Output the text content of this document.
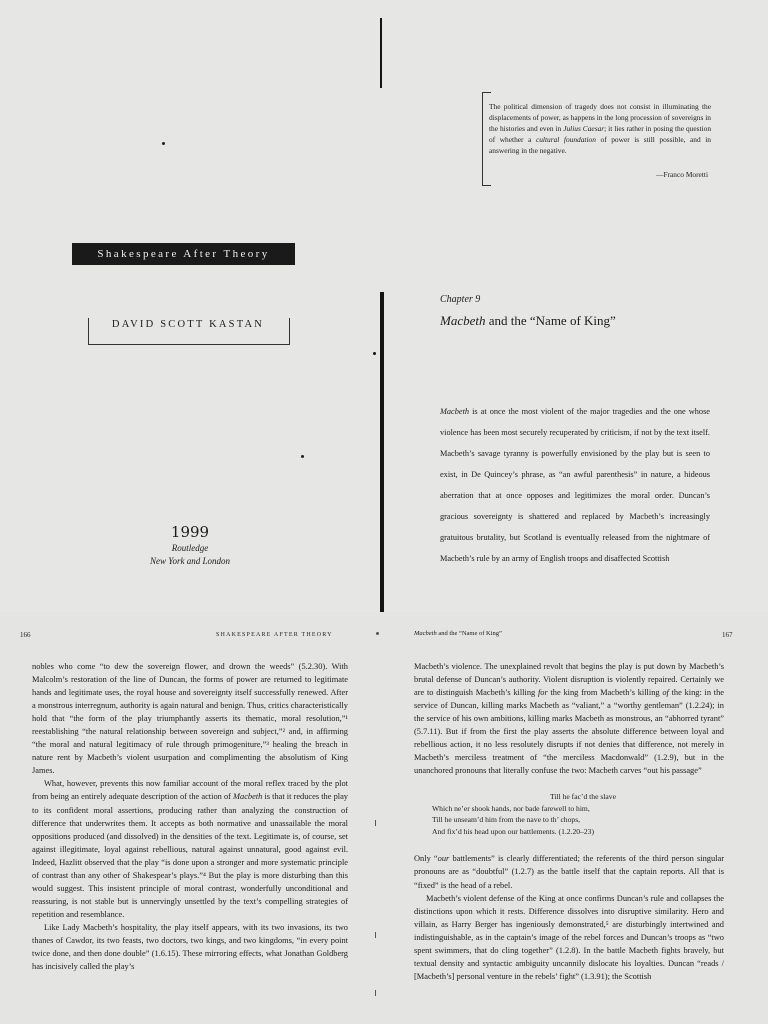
Shakespeare After Theory
DAVID SCOTT KASTAN
1999
Routledge
New York and London
The political dimension of tragedy does not consist in illuminating the displacements of power, as happens in the long procession of sovereigns in the histories and even in Julius Caesar; it lies rather in posing the question of whether a cultural foundation of power is still possible, and in answering in the negative.
—Franco Moretti
Chapter 9
Macbeth and the “Name of King”
Macbeth is at once the most violent of the major tragedies and the one whose violence has been most securely recuperated by criticism, if not by the text itself. Macbeth’s savage tyranny is powerfully envisioned by the play but is seen to exist, in De Quincey’s phrase, as “an awful parenthesis” in nature, a hideous aberration that at once opposes and legitimizes the moral order. Duncan’s gracious sovereignty is shattered and replaced by Macbeth’s increasingly gratuitous brutality, but Scotland is eventually released from the nightmare of Macbeth’s rule by an army of English troops and disaffected Scottish
166	SHAKESPEARE AFTER THEORY	Macbeth and the “Name of King”	167

nobles who come “to dew the sovereign flower, and drown the weeds” (5.2.30). With Malcolm’s restoration of the line of Duncan, the forms of power are returned to legitimate hands and legitimate uses, the royal house and sovereignty itself successfully renewed. After a monstrous interregnum, authority is again natural and benign. Thus, critics characteristically hold that “the form of the play triumphantly asserts its thematic, moral resolution,”¹ reestablishing “the natural relationship between sovereign and subject,”² and, in affirming “the moral and natural legitimacy of rule through primogeniture,”³ healing the breach in nature rent by Macbeth’s violent usurpation and complimenting the absolutism of King James.

What, however, prevents this now familiar account of the moral reflex traced by the plot from being an entirely adequate description of the action of Macbeth is that it reduces the play to its confident moral assertions, producing rather than analyzing the construction of difference that underwrites them. It accepts as both normative and unassailable the moral oppositions produced (and dissolved) in the densities of the text. Legitimate is, of course, set against illegitimate, loyal against rebellious, natural against unnatural, good against evil. Indeed, Hazlitt observed that the play “is done upon a stronger and more systematic principle of contrast than any other of Shakespear’s plays.”⁴ But the play is more disturbing than this would suggest. This insistent principle of moral contrast, wonderfully unconditional and reassuring, is not stable but is unnervingly unsettled by the text’s compelling strategies of repetition and resemblance.

Like Lady Macbeth’s hospitality, the play itself appears, with its two invasions, its two thanes of Cawdor, its two feasts, two doctors, two kings, and two kingdoms, “in every point twice done, and then done double” (1.6.15). These mirroring effects, what Jonathan Goldberg has incisively called the play’s

Macbeth’s violence. The unexplained revolt that begins the play is put down by Macbeth’s brutal defense of Duncan’s authority. Violent disruption is violently repaired. Certainly we are to distinguish Macbeth’s killing for the king from Macbeth’s killing of the king: in the service of Duncan, killing marks Macbeth as “valiant,” a “worthy gentleman” (1.2.24); in the service of his own ambitions, killing marks Macbeth as monstrous, an “abhorred tyrant” (5.7.11). But if from the first the play asserts the absolute difference between loyal and rebellious action, it no less resolutely disrupts if not denies that difference, not merely in Macbeth’s merciless treatment of “the merciless Macdonwald” (1.2.9), but in the unanchored pronouns that literally confuse the two: Macbeth carves “out his passage”

Till he fac’d the slave
Which ne’er shook hands, nor bade farewell to him,
Till he unseam’d him from the nave to th’ chops,
And fix’d his head upon our battlements. (1.2.20–23)

Only “our battlements” is clearly differentiated; the referents of the third person singular pronouns are as “doubtful” (1.2.7) as the battle itself that the captain reports. All that is “fixed” is the head of a rebel.

Macbeth’s violent defense of the King at once confirms Duncan’s rule and collapses the distinctions upon which it rests. Difference dissolves into disruptive similarity. Hero and villain, as Harry Berger has ingeniously demonstrated,⁵ are disturbingly intertwined and indistinguishable, as in the captain’s image of the rebel forces and Duncan’s troops as “two spent swimmers, that do cling together” (1.2.8). In the battle Macbeth fights bravely, but textual density and syntactic ambiguity uncannily dislocate his loyalties. Duncan “reads / [Macbeth’s] personal venture in the rebels’ fight” (1.3.91); the Scottish
